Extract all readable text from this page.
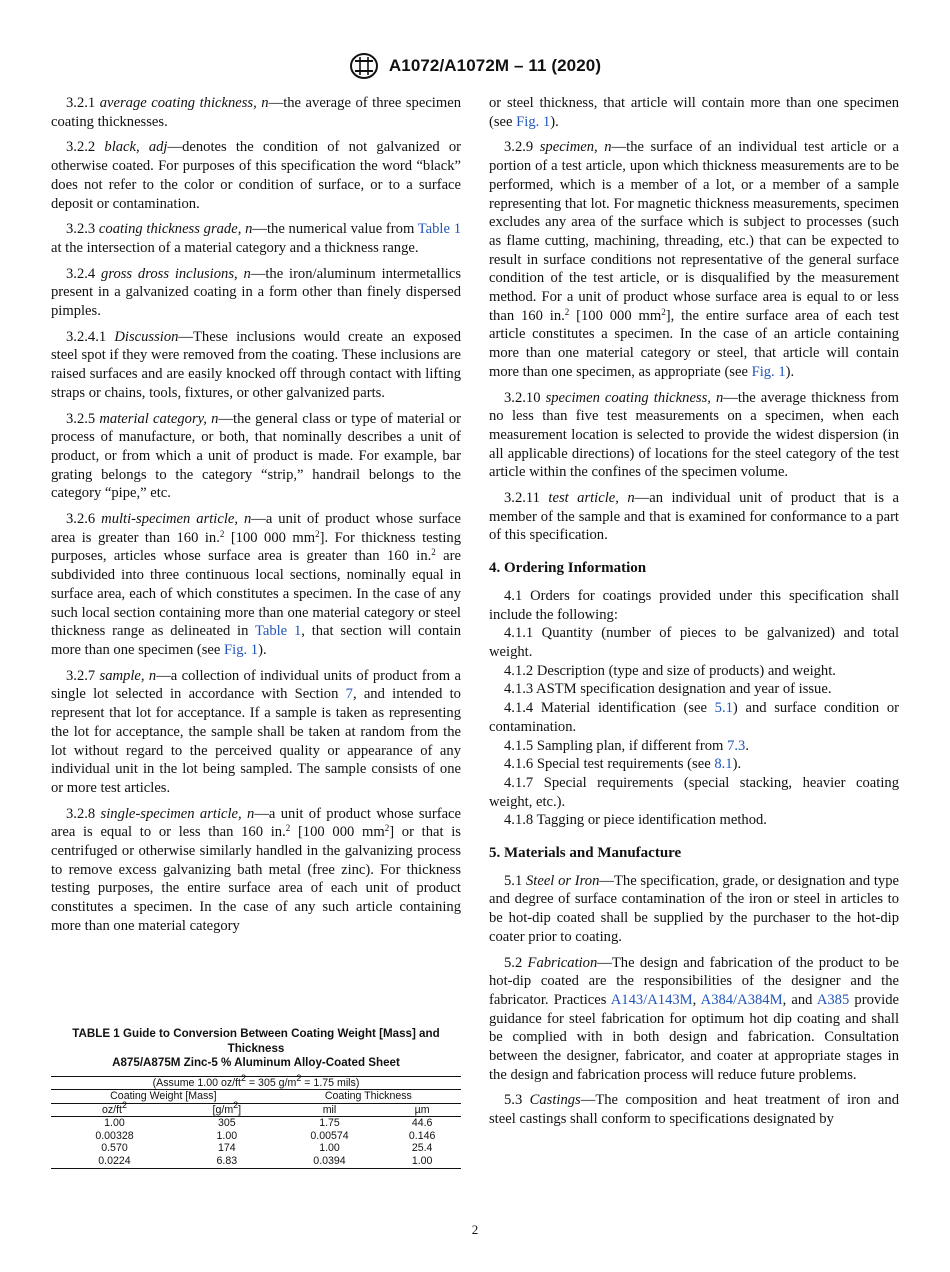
A1072/A1072M – 11 (2020)

3.2.1 average coating thickness, n—the average of three specimen coating thicknesses.

3.2.2 black, adj—denotes the condition of not galvanized or otherwise coated. For purposes of this specification the word “black” does not refer to the color or condition of surface, or to a surface deposit or contamination.

3.2.3 coating thickness grade, n—the numerical value from Table 1 at the intersection of a material category and a thickness range.

3.2.4 gross dross inclusions, n—the iron/aluminum intermetallics present in a galvanized coating in a form other than finely dispersed pimples.

3.2.4.1 Discussion—These inclusions would create an exposed steel spot if they were removed from the coating. These inclusions are raised surfaces and are easily knocked off through contact with lifting straps or chains, tools, fixtures, or other galvanized parts.

3.2.5 material category, n—the general class or type of material or process of manufacture, or both, that nominally describes a unit of product, or from which a unit of product is made. For example, bar grating belongs to the category “strip,” handrail belongs to the category “pipe,” etc.

3.2.6 multi-specimen article, n—a unit of product whose surface area is greater than 160 in.$^2$ [100 000 $mm^2$]. For thickness testing purposes, articles whose surface area is greater than 160 in.$^2$ are subdivided into three continuous local sections, nominally equal in surface area, each of which constitutes a specimen. In the case of any such local section containing more than one material category or steel thickness range as delineated in Table 1, that section will contain more than one specimen (see Fig. 1).

3.2.7 sample, n—a collection of individual units of product from a single lot selected in accordance with Section 7, and intended to represent that lot for acceptance. If a sample is taken as representing the lot for acceptance, the sample shall be taken at random from the lot without regard to the perceived quality or appearance of any individual unit in the lot being sampled. The sample consists of one or more test articles.

3.2.8 single-specimen article, n—a unit of product whose surface area is equal to or less than 160 in.$^2$ [100 000 $mm^2$] or that is centrifuged or otherwise similarly handled in the galvanizing process to remove excess galvanizing bath metal (free zinc). For thickness testing purposes, the entire surface area of each unit of product constitutes a specimen. In the case of any such article containing more than one material category

TABLE 1 Guide to Conversion Between Coating Weight [Mass] and Thickness
A875/A875M Zinc-5 % Aluminum Alloy-Coated Sheet
(Assume 1.00 $oz/ft^2 = 305$ $g/m^2 = 1.75$ mils)			
Coating Weight [Mass]		Coating Thickness	
$oz/ft^2$	$[g/m^2]$	mil	µm
1.00	305	1.75	44.6
0.00328	1.00	0.00574	0.146
0.570	174	1.00	25.4
0.0224	6.83	0.0394	1.00

or steel thickness, that article will contain more than one specimen (see Fig. 1).

3.2.9 specimen, n—the surface of an individual test article or a portion of a test article, upon which thickness measurements are to be performed, which is a member of a lot, or a member of a sample representing that lot. For magnetic thickness measurements, specimen excludes any area of the surface which is subject to processes (such as flame cutting, machining, threading, etc.) that can be expected to result in surface conditions not representative of the general surface condition of the test article, or is disqualified by the measurement method. For a unit of product whose surface area is equal to or less than 160 in.$^2$ [100 000 $mm^2$], the entire surface area of each test article constitutes a specimen. In the case of an article containing more than one material category or steel, that article will contain more than one specimen, as appropriate (see Fig. 1).

3.2.10 specimen coating thickness, n—the average thickness from no less than five test measurements on a specimen, when each measurement location is selected to provide the widest dispersion (in all applicable directions) of locations for the steel category of the test article within the confines of the specimen volume.

3.2.11 test article, n—an individual unit of product that is a member of the sample and that is examined for conformance to a part of this specification.

4. Ordering Information

4.1 Orders for coatings provided under this specification shall include the following:

4.1.1 Quantity (number of pieces to be galvanized) and total weight.

4.1.2 Description (type and size of products) and weight.

4.1.3 ASTM specification designation and year of issue.

4.1.4 Material identification (see 5.1) and surface condition or contamination.

4.1.5 Sampling plan, if different from 7.3.

4.1.6 Special test requirements (see 8.1).

4.1.7 Special requirements (special stacking, heavier coating weight, etc.).

4.1.8 Tagging or piece identification method.

5. Materials and Manufacture

5.1 Steel or Iron—The specification, grade, or designation and type and degree of surface contamination of the iron or steel in articles to be hot-dip coated shall be supplied by the purchaser to the hot-dip coater prior to coating.

5.2 Fabrication—The design and fabrication of the product to be hot-dip coated are the responsibilities of the designer and the fabricator. Practices A143/A143M, A384/A384M, and A385 provide guidance for steel fabrication for optimum hot dip coating and shall be complied with in both design and fabrication. Consultation between the designer, fabricator, and coater at appropriate stages in the design and fabrication process will reduce future problems.

5.3 Castings—The composition and heat treatment of iron and steel castings shall conform to specifications designated by

2
